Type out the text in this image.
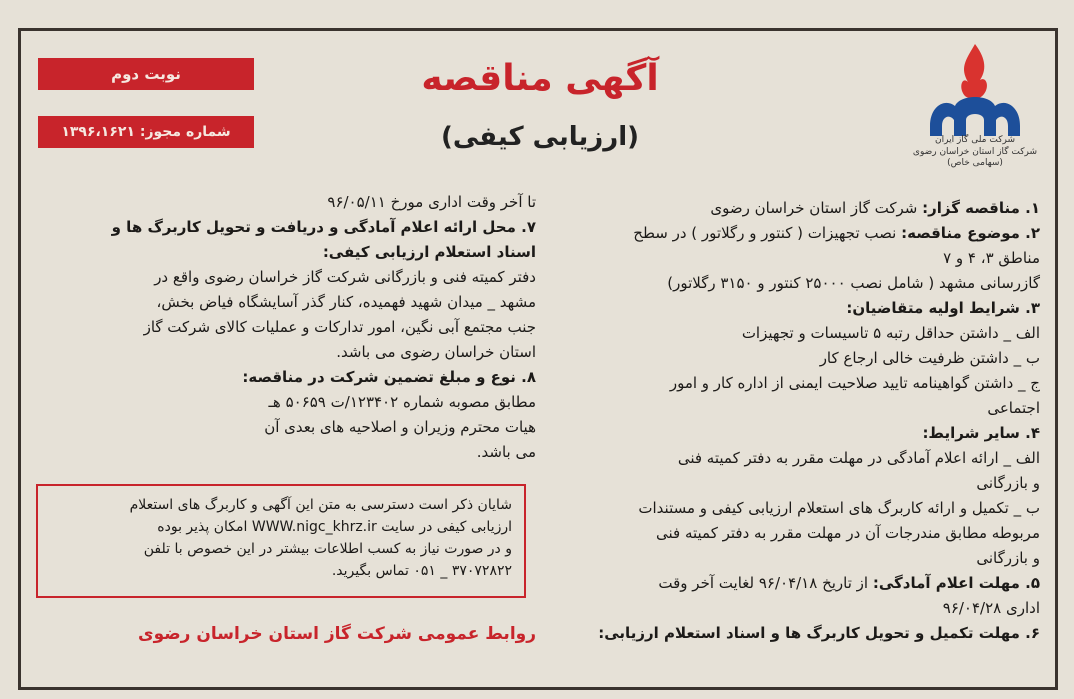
شرکت ملی گاز ایران
شرکت گاز استان خراسان رضوی
(سهامی خاص)
آگهی مناقصه
(ارزیابی کیفی)
نوبت دوم
شماره مجوز: ۱۳۹۶،۱۶۲۱

۱. مناقصه گزار: شرکت گاز استان خراسان رضوی

۲. موضوع مناقصه: نصب تجهیزات ( کنتور و رگلاتور ) در سطح

مناطق ۳، ۴ و ۷

گازرسانی مشهد ( شامل نصب ۲۵۰۰۰ کنتور و ۳۱۵۰ رگلاتور)

۳. شرایط اولیه متقاضیان:

الف _ داشتن حداقل رتبه ۵ تاسیسات و تجهیزات

ب _ داشتن ظرفیت خالی ارجاع کار

ج _ داشتن گواهینامه تایید صلاحیت ایمنی از اداره کار و امور

اجتماعی

۴. سایر شرایط:

الف _ ارائه اعلام آمادگی در مهلت مقرر به دفتر کمیته فنی

و بازرگانی

ب _ تکمیل و ارائه کاربرگ های استعلام ارزیابی کیفی و مستندات

مربوطه مطابق مندرجات آن در مهلت مقرر به دفتر کمیته فنی

و بازرگانی

۵. مهلت اعلام آمادگی: از تاریخ ۹۶/۰۴/۱۸ لغایت آخر وقت

اداری ۹۶/۰۴/۲۸

۶. مهلت تکمیل و تحویل کاربرگ ها و اسناد استعلام ارزیابی:

تا آخر وقت اداری مورخ ۹۶/۰۵/۱۱

۷. محل ارائه اعلام آمادگی و دریافت و تحویل کاربرگ ها و

اسناد استعلام ارزیابی کیفی:

دفتر کمیته فنی و بازرگانی شرکت گاز خراسان رضوی واقع در

مشهد _ میدان شهید فهمیده، کنار گذر آسایشگاه فیاض بخش،

جنب مجتمع آبی نگین، امور تدارکات و عملیات کالای شرکت گاز

استان خراسان رضوی می باشد.

۸. نوع و مبلغ تضمین شرکت در مناقصه:

مطابق مصوبه شماره ۱۲۳۴۰۲/ت ۵۰۶۵۹ هـ

هیات محترم وزیران و اصلاحیه های بعدی آن

می باشد.

شایان ذکر است دسترسی به متن این آگهی و کاربرگ های استعلام
ارزیابی کیفی در سایت WWW.nigc_khrz.ir امکان پذیر بوده
و در صورت نیاز به کسب اطلاعات بیشتر در این خصوص با تلفن
۳۷۰۷۲۸۲۲ _ ۰۵۱ تماس بگیرید.
روابط عمومی شرکت گاز استان خراسان رضوی
